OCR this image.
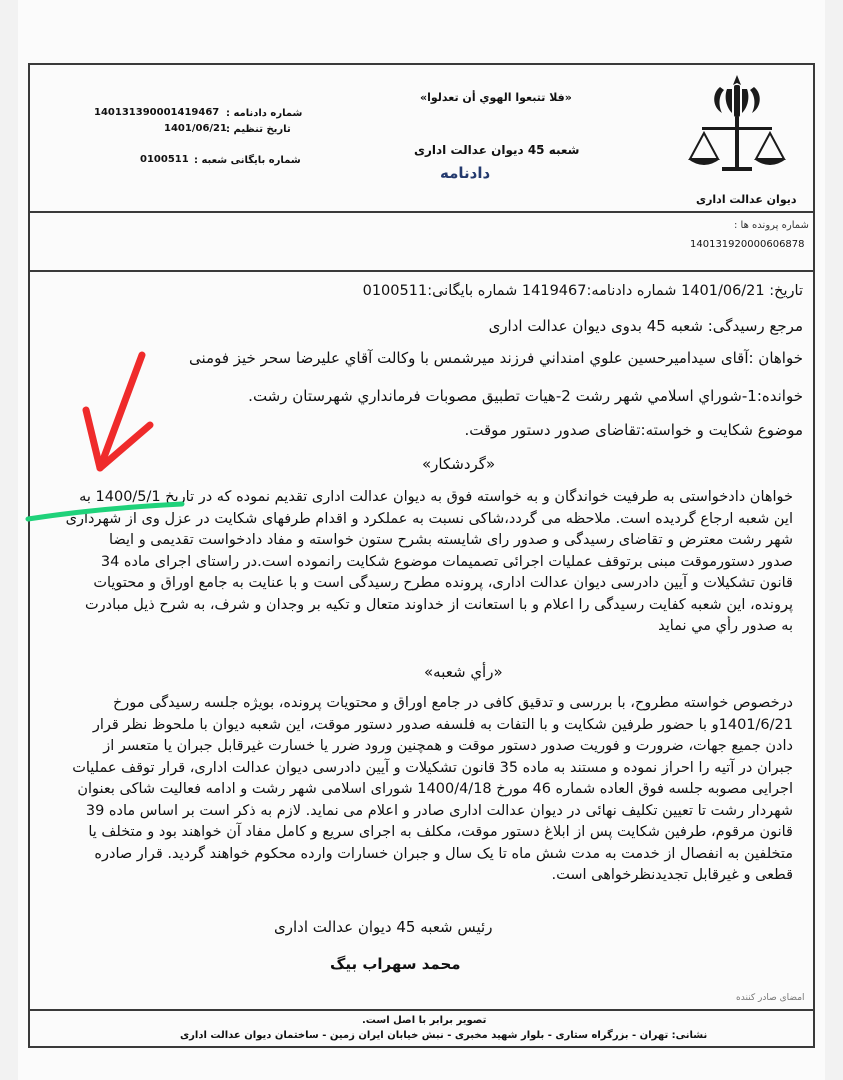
دیوان عدالت اداری
«فلا تتبعوا الهوي أن تعدلوا»
شعبه 45 دیوان عدالت اداری
دادنامه
شماره دادنامه :
140131390001419467
تاریخ تنظیم :
1401/06/21
شماره بایگانی شعبه :
0100511
شماره پرونده ها :
140131920000606878
تاریخ: 1401/06/21 شماره دادنامه:1419467 شماره بایگانی:0100511
مرجع رسیدگی: شعبه 45 بدوی دیوان عدالت اداری
خواهان :آقای سیدامیرحسین علوي امنداني فرزند میرشمس با وکالت آقاي علیرضا سحر خیز فومنی
خوانده:1-شوراي اسلامي شهر رشت 2-هیات تطبیق مصوبات فرمانداري شهرستان رشت.
موضوع شکایت و خواسته:تقاضای صدور دستور موقت.
«گردشکار»
خواهان دادخواستی به طرفیت خواندگان و به خواسته فوق به دیوان عدالت اداری تقدیم نموده که در تاریخ 1400/5/1 به
این شعبه ارجاع گردیده است. ملاحظه می گردد،شاکی نسبت به عملکرد و اقدام طرفهای شکایت در عزل وی از شهرداری
شهر رشت معترض و تقاضای رسیدگی و صدور رای شایسته بشرح ستون خواسته و مفاد دادخواست تقدیمی و ایضا
صدور دستورموقت مبنی برتوقف عملیات اجرائی تصمیمات موضوع شکایت رانموده است.در راستای اجرای ماده 34
قانون تشکیلات و آیین دادرسی دیوان عدالت اداری، پرونده مطرح رسیدگی است و با عنایت به جامع اوراق و محتویات
پرونده، این شعبه کفایت رسیدگی را اعلام و با استعانت از خداوند متعال و تکیه بر وجدان و شرف، به شرح ذیل مبادرت
به صدور رأي مي نمايد
«رأي شعبه»
درخصوص خواسته مطروح، با بررسی و تدقیق کافی در جامع اوراق و محتویات پرونده، بویژه جلسه رسیدگی مورخ
1401/6/21و با حضور طرفین شکایت و با التفات به فلسفه صدور دستور موقت، این شعبه دیوان با ملحوظ نظر قرار
دادن جمیع جهات، ضرورت و فوریت صدور دستور موقت و همچنین ورود ضرر یا خسارت غیرقابل جبران یا متعسر از
جبران در آتیه را احراز نموده و مستند به ماده 35 قانون تشکیلات و آیین دادرسی دیوان عدالت اداری، قرار توقف عملیات
اجرایی مصوبه جلسه فوق العاده شماره 46 مورخ 1400/4/18 شورای اسلامی شهر رشت و ادامه فعالیت شاکی بعنوان
شهردار رشت تا تعیین تکلیف نهائی در دیوان عدالت اداری صادر و اعلام می نماید. لازم به ذکر است بر اساس ماده 39
قانون مرقوم، طرفین شکایت پس از ابلاغ دستور موقت، مکلف به اجرای سریع و کامل مفاد آن خواهند بود و متخلف یا
متخلفین به انفصال از خدمت به مدت شش ماه تا یک سال و جبران خسارات وارده محکوم خواهند گردید. قرار صادره
قطعی و غیرقابل تجدیدنظرخواهی است.
رئیس شعبه 45 دیوان عدالت اداری
محمد سهراب بیگ
امضای صادر کننده
تصویر برابر با اصل است.
نشانی: تهران - بزرگراه ستاری - بلوار شهید مخبری - نبش خیابان ایران زمین - ساختمان دیوان عدالت اداری
